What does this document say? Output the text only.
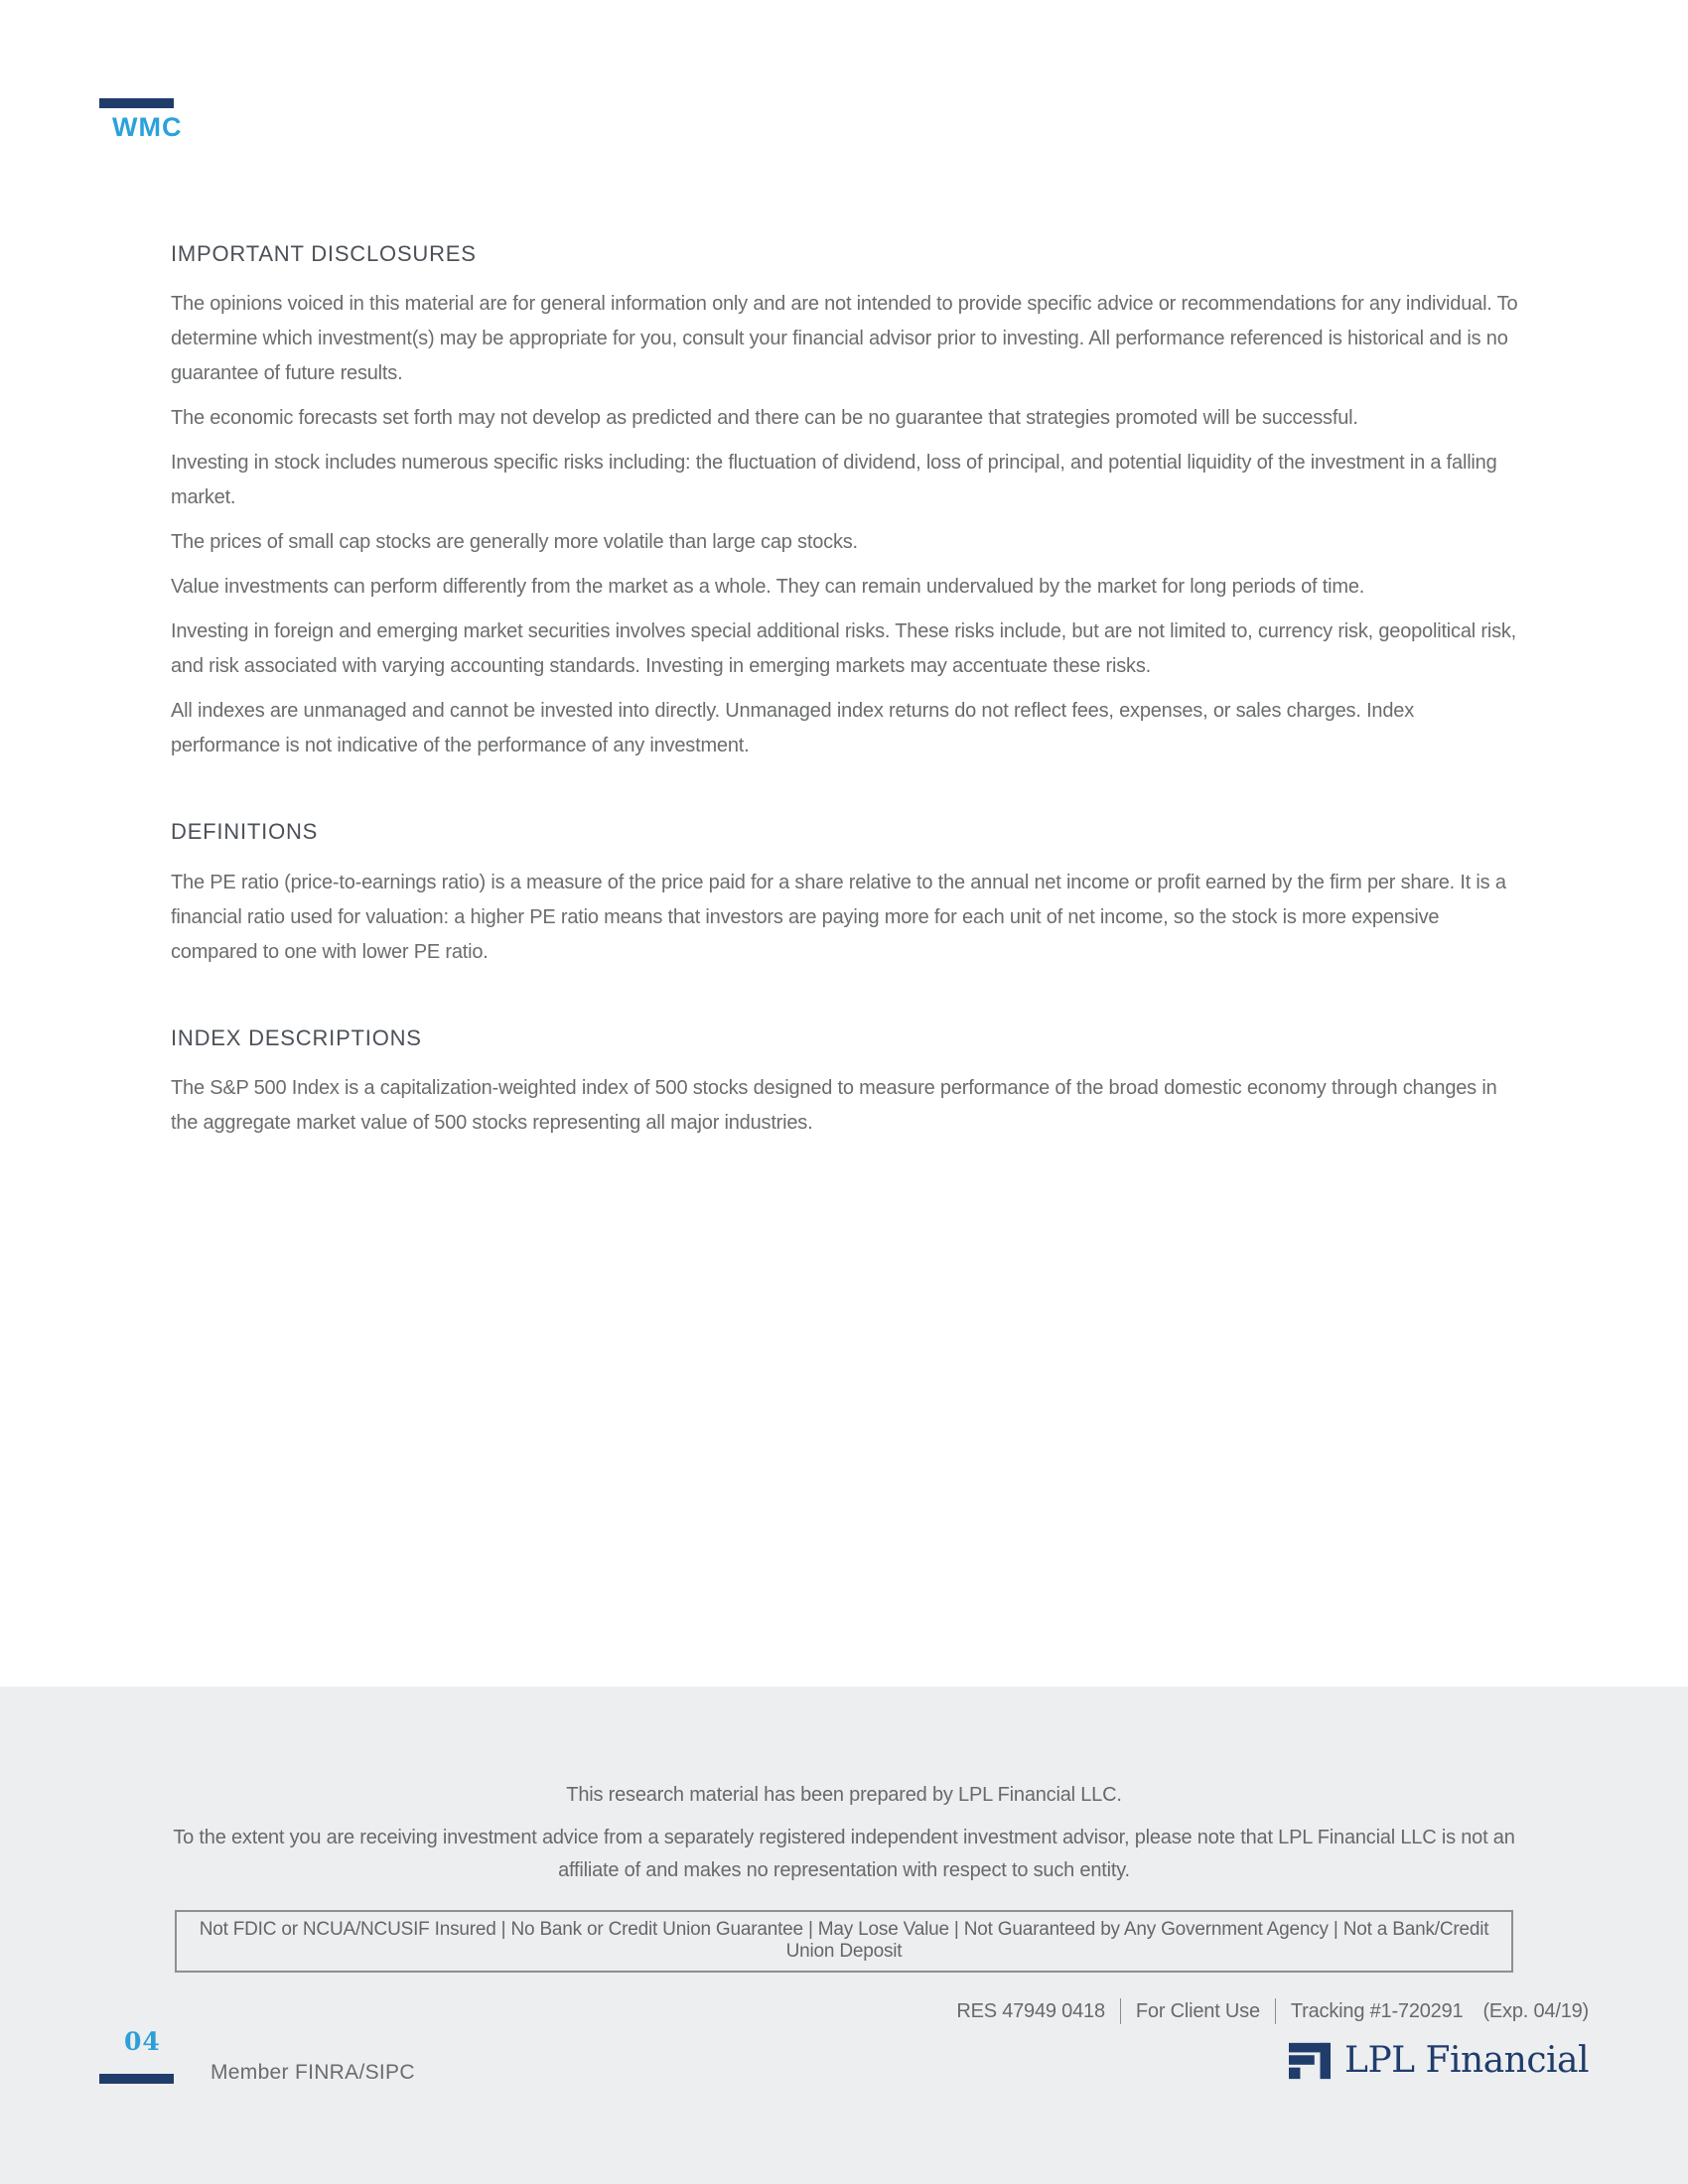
WMC
IMPORTANT DISCLOSURES

The opinions voiced in this material are for general information only and are not intended to provide specific advice or recommendations for any individual. To determine which investment(s) may be appropriate for you, consult your financial advisor prior to investing. All performance referenced is historical and is no guarantee of future results.

The economic forecasts set forth may not develop as predicted and there can be no guarantee that strategies promoted will be successful.

Investing in stock includes numerous specific risks including: the fluctuation of dividend, loss of principal, and potential liquidity of the investment in a falling market.

The prices of small cap stocks are generally more volatile than large cap stocks.

Value investments can perform differently from the market as a whole. They can remain undervalued by the market for long periods of time.

Investing in foreign and emerging market securities involves special additional risks. These risks include, but are not limited to, currency risk, geopolitical risk, and risk associated with varying accounting standards. Investing in emerging markets may accentuate these risks.

All indexes are unmanaged and cannot be invested into directly. Unmanaged index returns do not reflect fees, expenses, or sales charges. Index performance is not indicative of the performance of any investment.

DEFINITIONS

The PE ratio (price-to-earnings ratio) is a measure of the price paid for a share relative to the annual net income or profit earned by the firm per share. It is a financial ratio used for valuation: a higher PE ratio means that investors are paying more for each unit of net income, so the stock is more expensive compared to one with lower PE ratio.

INDEX DESCRIPTIONS

The S&P 500 Index is a capitalization-weighted index of 500 stocks designed to measure performance of the broad domestic economy through changes in the aggregate market value of 500 stocks representing all major industries.

This research material has been prepared by LPL Financial LLC.
To the extent you are receiving investment advice from a separately registered independent investment advisor, please note that LPL Financial LLC is not an affiliate of and makes no representation with respect to such entity.
Not FDIC or NCUA/NCUSIF Insured | No Bank or Credit Union Guarantee | May Lose Value | Not Guaranteed by Any Government Agency | Not a Bank/Credit Union Deposit
RES 47949 0418 For Client Use Tracking #1-720291 (Exp. 04/19)
04
Member FINRA/SIPC	LPL Financial
